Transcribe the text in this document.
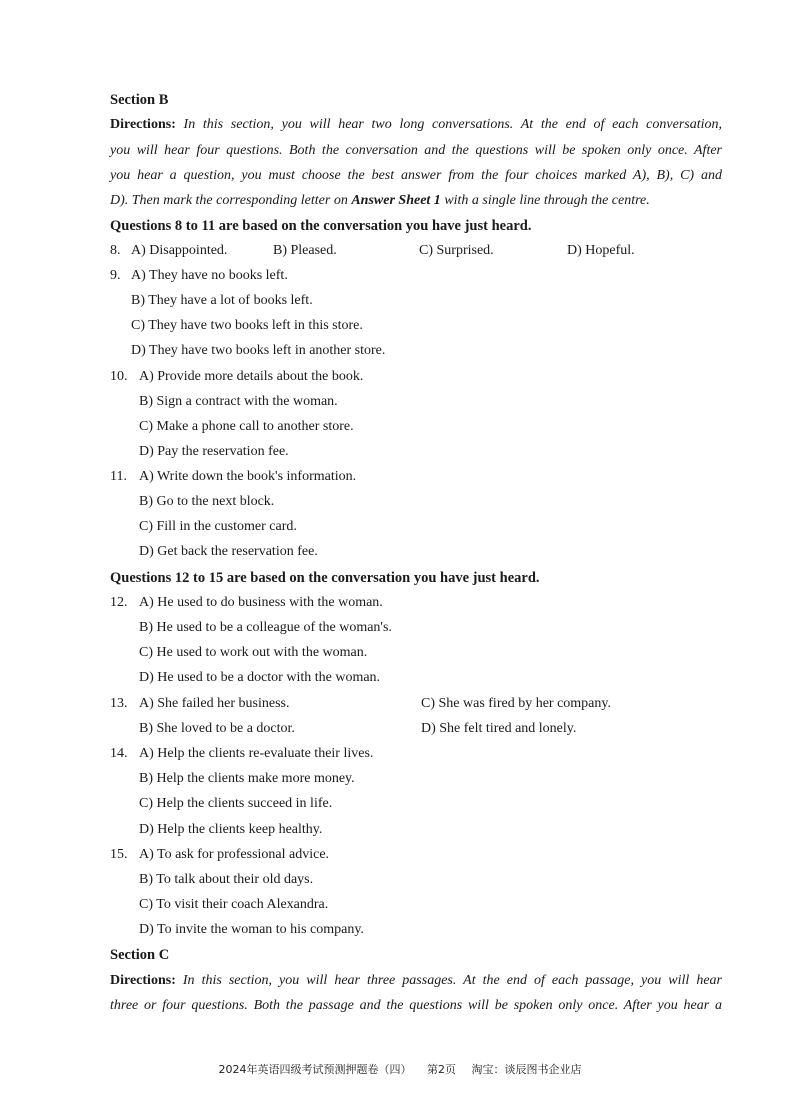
Section B
Directions: In this section, you will hear two long conversations. At the end of each conversation,
you will hear four questions. Both the conversation and the questions will be spoken only once. After
you hear a question, you must choose the best answer from the four choices marked A), B), C) and
D). Then mark the corresponding letter on Answer Sheet 1 with a single line through the centre.
Questions 8 to 11 are based on the conversation you have just heard.
8. A) Disappointed.	B) Pleased.	C) Surprised.	D) Hopeful.
9. A) They have no books left.
B) They have a lot of books left.
C) They have two books left in this store.
D) They have two books left in another store.
10. A) Provide more details about the book.
B) Sign a contract with the woman.
C) Make a phone call to another store.
D) Pay the reservation fee.
11. A) Write down the book's information.
B) Go to the next block.
C) Fill in the customer card.
D) Get back the reservation fee.
Questions 12 to 15 are based on the conversation you have just heard.
12. A) He used to do business with the woman.
B) He used to be a colleague of the woman's.
C) He used to work out with the woman.
D) He used to be a doctor with the woman.
13. A) She failed her business.	C) She was fired by her company.
B) She loved to be a doctor.	D) She felt tired and lonely.
14. A) Help the clients re-evaluate their lives.
B) Help the clients make more money.
C) Help the clients succeed in life.
D) Help the clients keep healthy.
15. A) To ask for professional advice.
B) To talk about their old days.
C) To visit their coach Alexandra.
D) To invite the woman to his company.
Section C
Directions: In this section, you will hear three passages. At the end of each passage, you will hear
three or four questions. Both the passage and the questions will be spoken only once. After you hear a
2024年英语四级考试预测押题卷（四） 第2页 淘宝：谈辰图书企业店
